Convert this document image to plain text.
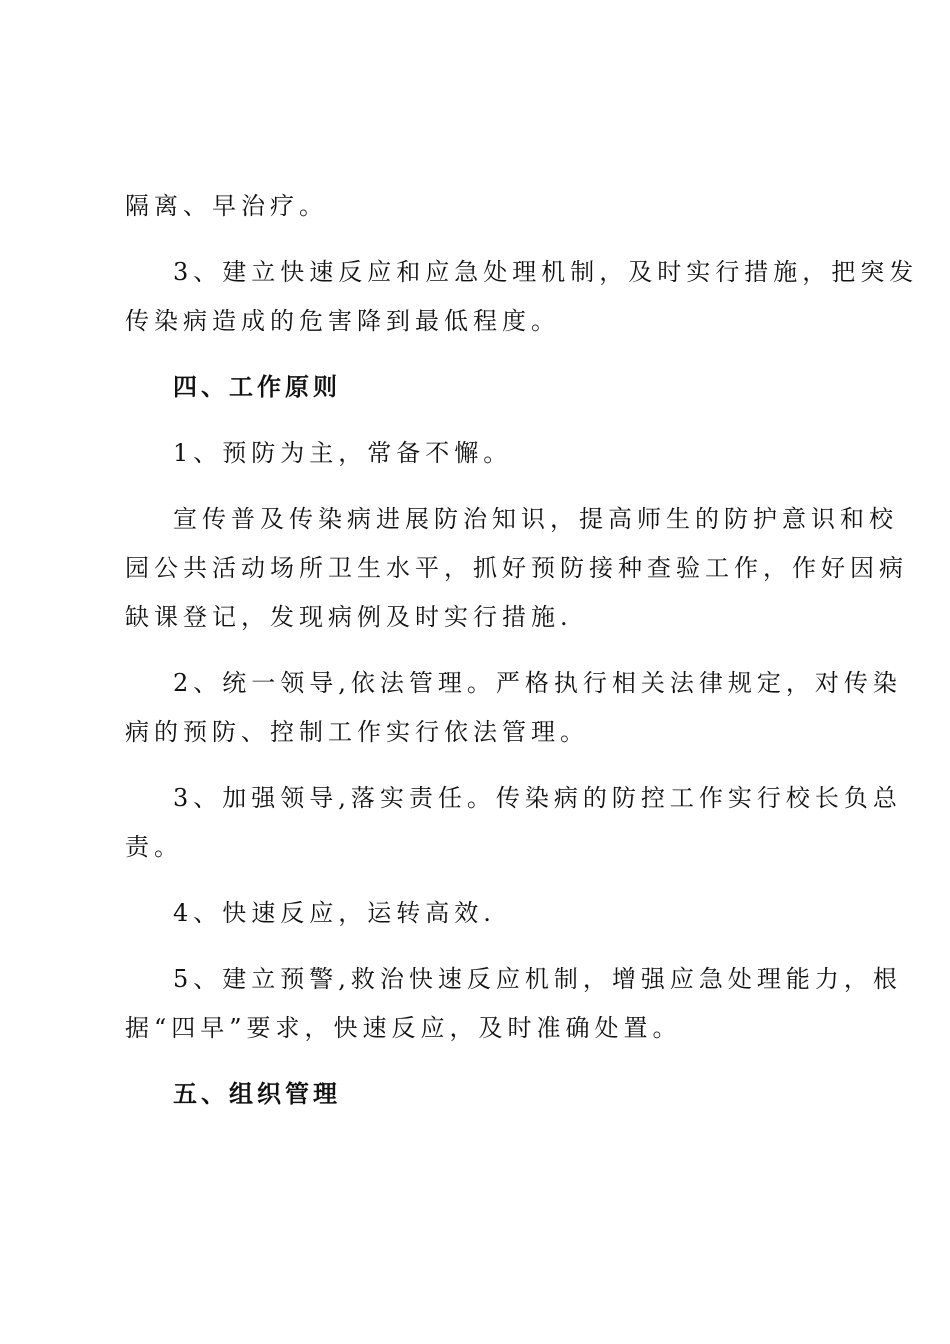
隔离、早治疗。
3、建立快速反应和应急处理机制，及时实行措施，把突发
传染病造成的危害降到最低程度。
四、工作原则
1、预防为主，常备不懈。
宣传普及传染病进展防治知识，提高师生的防护意识和校
园公共活动场所卫生水平，抓好预防接种查验工作，作好因病
缺课登记，发现病例及时实行措施.
2、统一领导,依法管理。严格执行相关法律规定，对传染
病的预防、控制工作实行依法管理。
3、加强领导,落实责任。传染病的防控工作实行校长负总
责。
4、快速反应，运转高效.
5、建立预警,救治快速反应机制，增强应急处理能力，根
据“四早”要求，快速反应，及时准确处置。
五、组织管理
